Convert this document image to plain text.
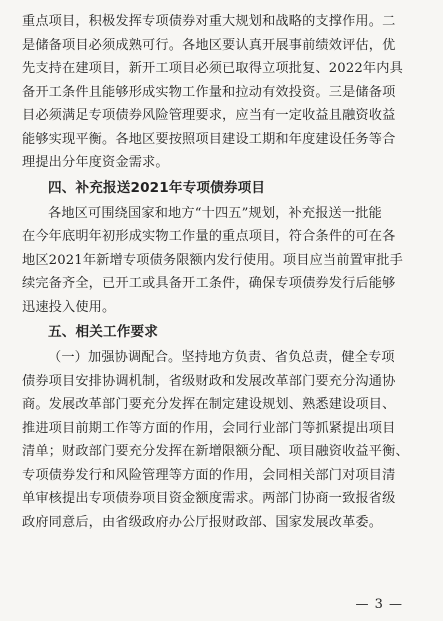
重点项目，积极发挥专项债券对重大规划和战略的支撑作用。二
是储备项目必须成熟可行。各地区要认真开展事前绩效评估，优
先支持在建项目，新开工项目必须已取得立项批复、2022年内具
备开工条件且能够形成实物工作量和拉动有效投资。三是储备项
目必须满足专项债券风险管理要求，应当有一定收益且融资收益
能够实现平衡。各地区要按照项目建设工期和年度建设任务等合
理提出分年度资金需求。
四、补充报送2021年专项债券项目
各地区可围绕国家和地方“十四五”规划，补充报送一批能
在今年底明年初形成实物工作量的重点项目，符合条件的可在各
地区2021年新增专项债务限额内发行使用。项目应当前置审批手
续完备齐全，已开工或具备开工条件，确保专项债券发行后能够
迅速投入使用。
五、相关工作要求
（一）加强协调配合。坚持地方负责、省负总责，健全专项
债券项目安排协调机制，省级财政和发展改革部门要充分沟通协
商。发展改革部门要充分发挥在制定建设规划、熟悉建设项目、
推进项目前期工作等方面的作用，会同行业部门等抓紧提出项目
清单；财政部门要充分发挥在新增限额分配、项目融资收益平衡、
专项债券发行和风险管理等方面的作用，会同相关部门对项目清
单审核提出专项债券项目资金额度需求。两部门协商一致报省级
政府同意后，由省级政府办公厅报财政部、国家发展改革委。
— 3 —
